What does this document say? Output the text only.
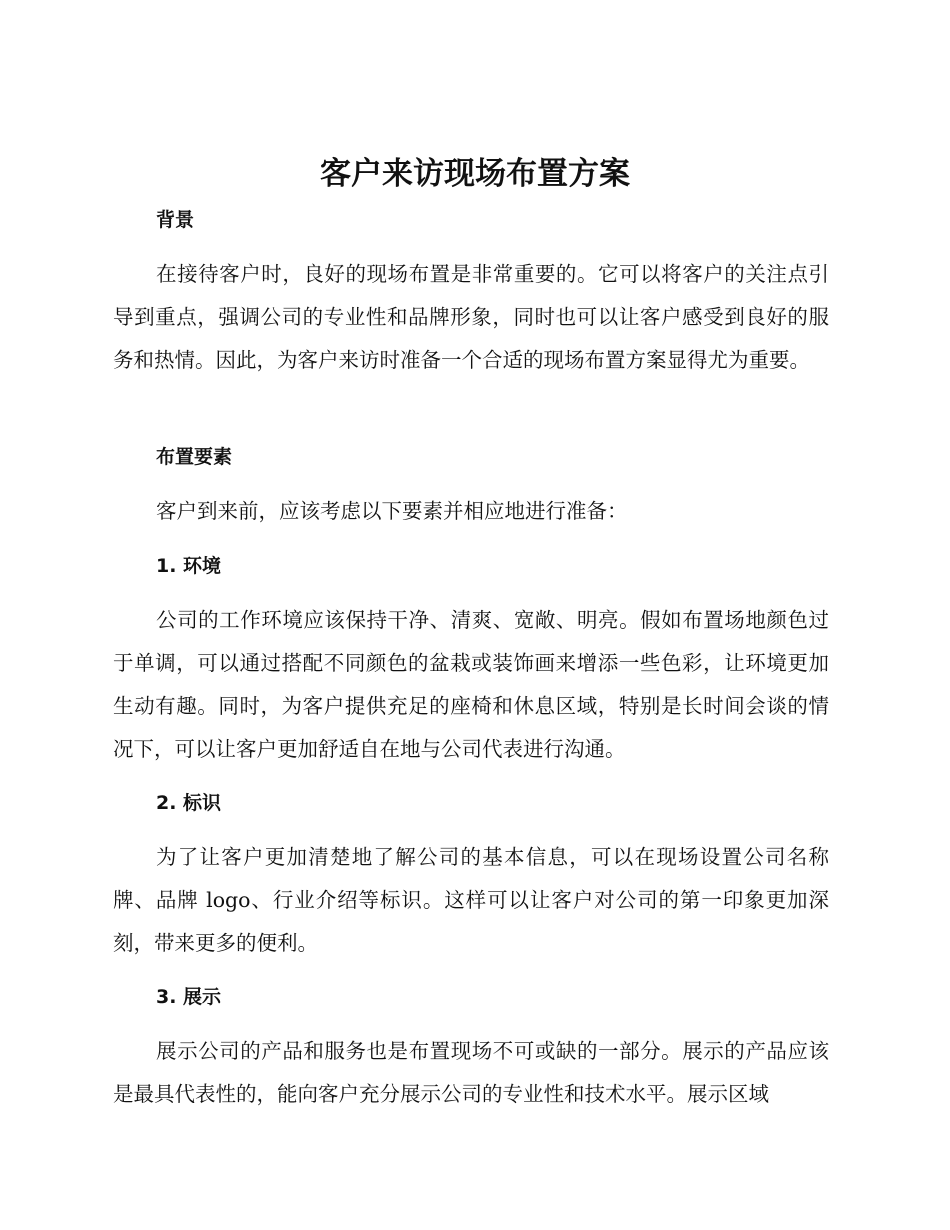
客户来访现场布置方案
背景

在接待客户时，良好的现场布置是非常重要的。它可以将客户的关注点引导到重点，强调公司的专业性和品牌形象，同时也可以让客户感受到良好的服务和热情。因此，为客户来访时准备一个合适的现场布置方案显得尤为重要。

布置要素

客户到来前，应该考虑以下要素并相应地进行准备：

1. 环境

公司的工作环境应该保持干净、清爽、宽敞、明亮。假如布置场地颜色过于单调，可以通过搭配不同颜色的盆栽或装饰画来增添一些色彩，让环境更加生动有趣。同时，为客户提供充足的座椅和休息区域，特别是长时间会谈的情况下，可以让客户更加舒适自在地与公司代表进行沟通。

2. 标识

为了让客户更加清楚地了解公司的基本信息，可以在现场设置公司名称牌、品牌 logo、行业介绍等标识。这样可以让客户对公司的第一印象更加深刻，带来更多的便利。

3. 展示

展示公司的产品和服务也是布置现场不可或缺的一部分。展示的产品应该是最具代表性的，能向客户充分展示公司的专业性和技术水平。展示区域
